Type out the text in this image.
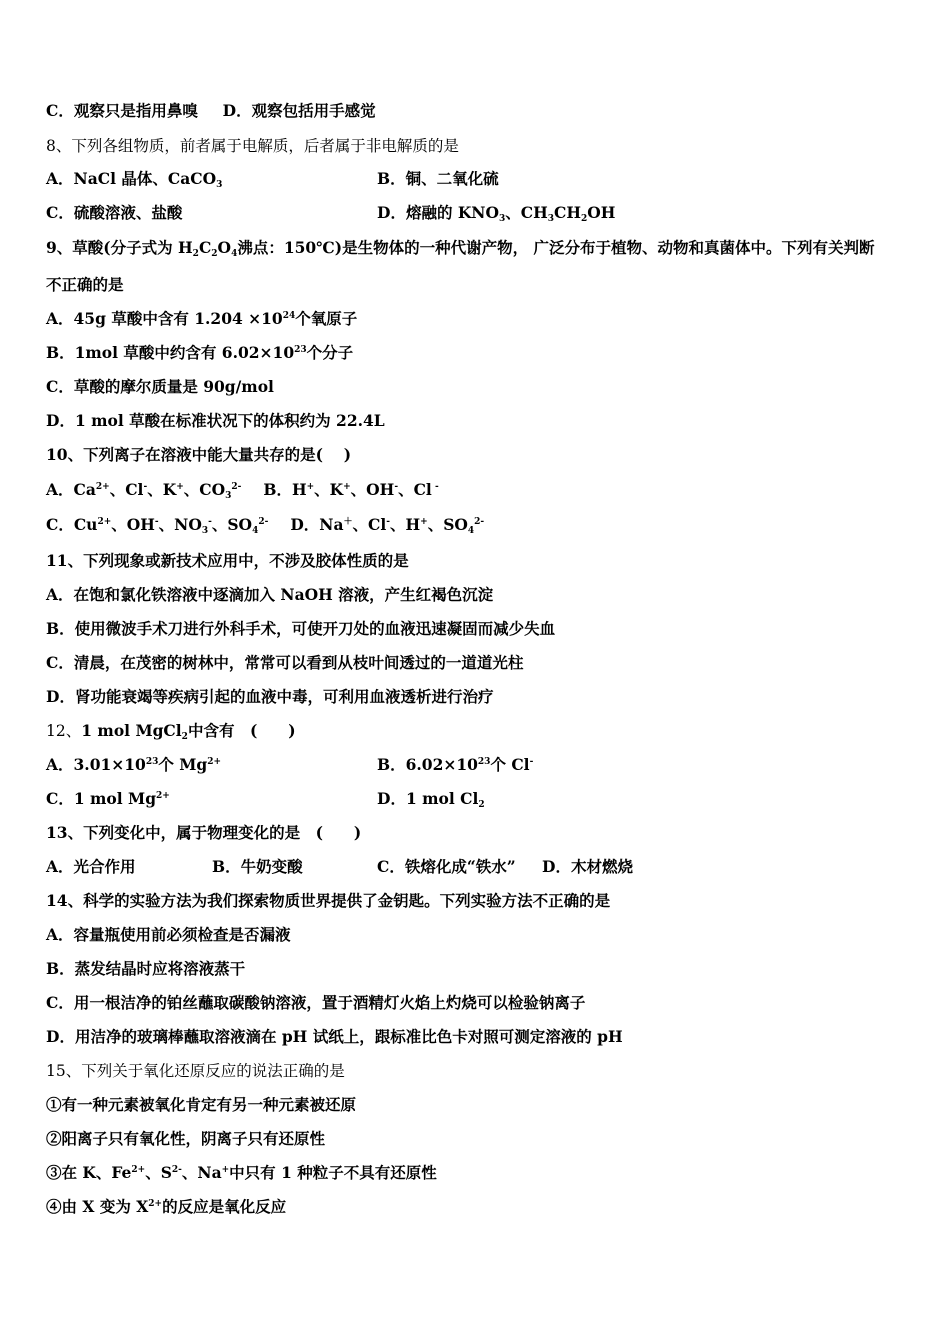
C．观察只是指用鼻嗅 D．观察包括用手感觉
8、下列各组物质，前者属于电解质，后者属于非电解质的是
A．NaCl 晶体、CaCO$_3$	B．铜、二氧化硫
C．硫酸溶液、盐酸	D．熔融的 $KNO_3$、$CH_3CH_2OH$
9、草酸(分子式为 $H_2C_2O_4$沸点：150℃)是生物体的一种代谢产物， 广泛分布于植物、动物和真菌体中。下列有关判断
不正确的是
A．45g 草酸中含有 $1.204 \times 10^{24}$个氧原子
B．1mol 草酸中约含有 $6.02\times 10^{23}$个分子
C．草酸的摩尔质量是 90g/mol
D．1 mol 草酸在标准状况下的体积约为 22.4L
10、下列离子在溶液中能大量共存的是(　 )
A．$Ca^{2+}$、Cl-、K+、$CO_3^{2-}$ B．H+、K+、OH-、Cl -
C．$Cu^{2+}$、OH-、$NO_3^-$、$SO_4^{2-}$ D．Na＋、Cl-、H+、$SO_4^{2-}$
11、下列现象或新技术应用中，不涉及胶体性质的是
A．在饱和氯化铁溶液中逐滴加入 NaOH 溶液，产生红褐色沉淀
B．使用微波手术刀进行外科手术，可使开刀处的血液迅速凝固而减少失血
C．清晨，在茂密的树林中，常常可以看到从枝叶间透过的一道道光柱
D．肾功能衰竭等疾病引起的血液中毒，可利用血液透析进行治疗
12、1 mol MgCl$_2$中含有　(　　)
A．$3.01\times 10^{23}$个 $Mg^{2+}$	B．$6.02\times 10^{23}$个 Cl-
C．1 mol $Mg^{2+}$	D．1 mol $Cl_2$
13、下列变化中，属于物理变化的是　(　　)
A．光合作用	B．牛奶变酸	C．铁熔化成“铁水” D．木材燃烧
14、科学的实验方法为我们探索物质世界提供了金钥匙。下列实验方法不正确的是
A．容量瓶使用前必须检查是否漏液
B．蒸发结晶时应将溶液蒸干
C．用一根洁净的铂丝蘸取碳酸钠溶液，置于酒精灯火焰上灼烧可以检验钠离子
D．用洁净的玻璃棒蘸取溶液滴在 pH 试纸上，跟标准比色卡对照可测定溶液的 pH
15、下列关于氧化还原反应的说法正确的是
①有一种元素被氧化肯定有另一种元素被还原
②阳离子只有氧化性，阴离子只有还原性
③在 K、$Fe^{2+}$、$S^{2-}$、Na+中只有 1 种粒子不具有还原性
④由 X 变为 $X^{2+}$的反应是氧化反应
